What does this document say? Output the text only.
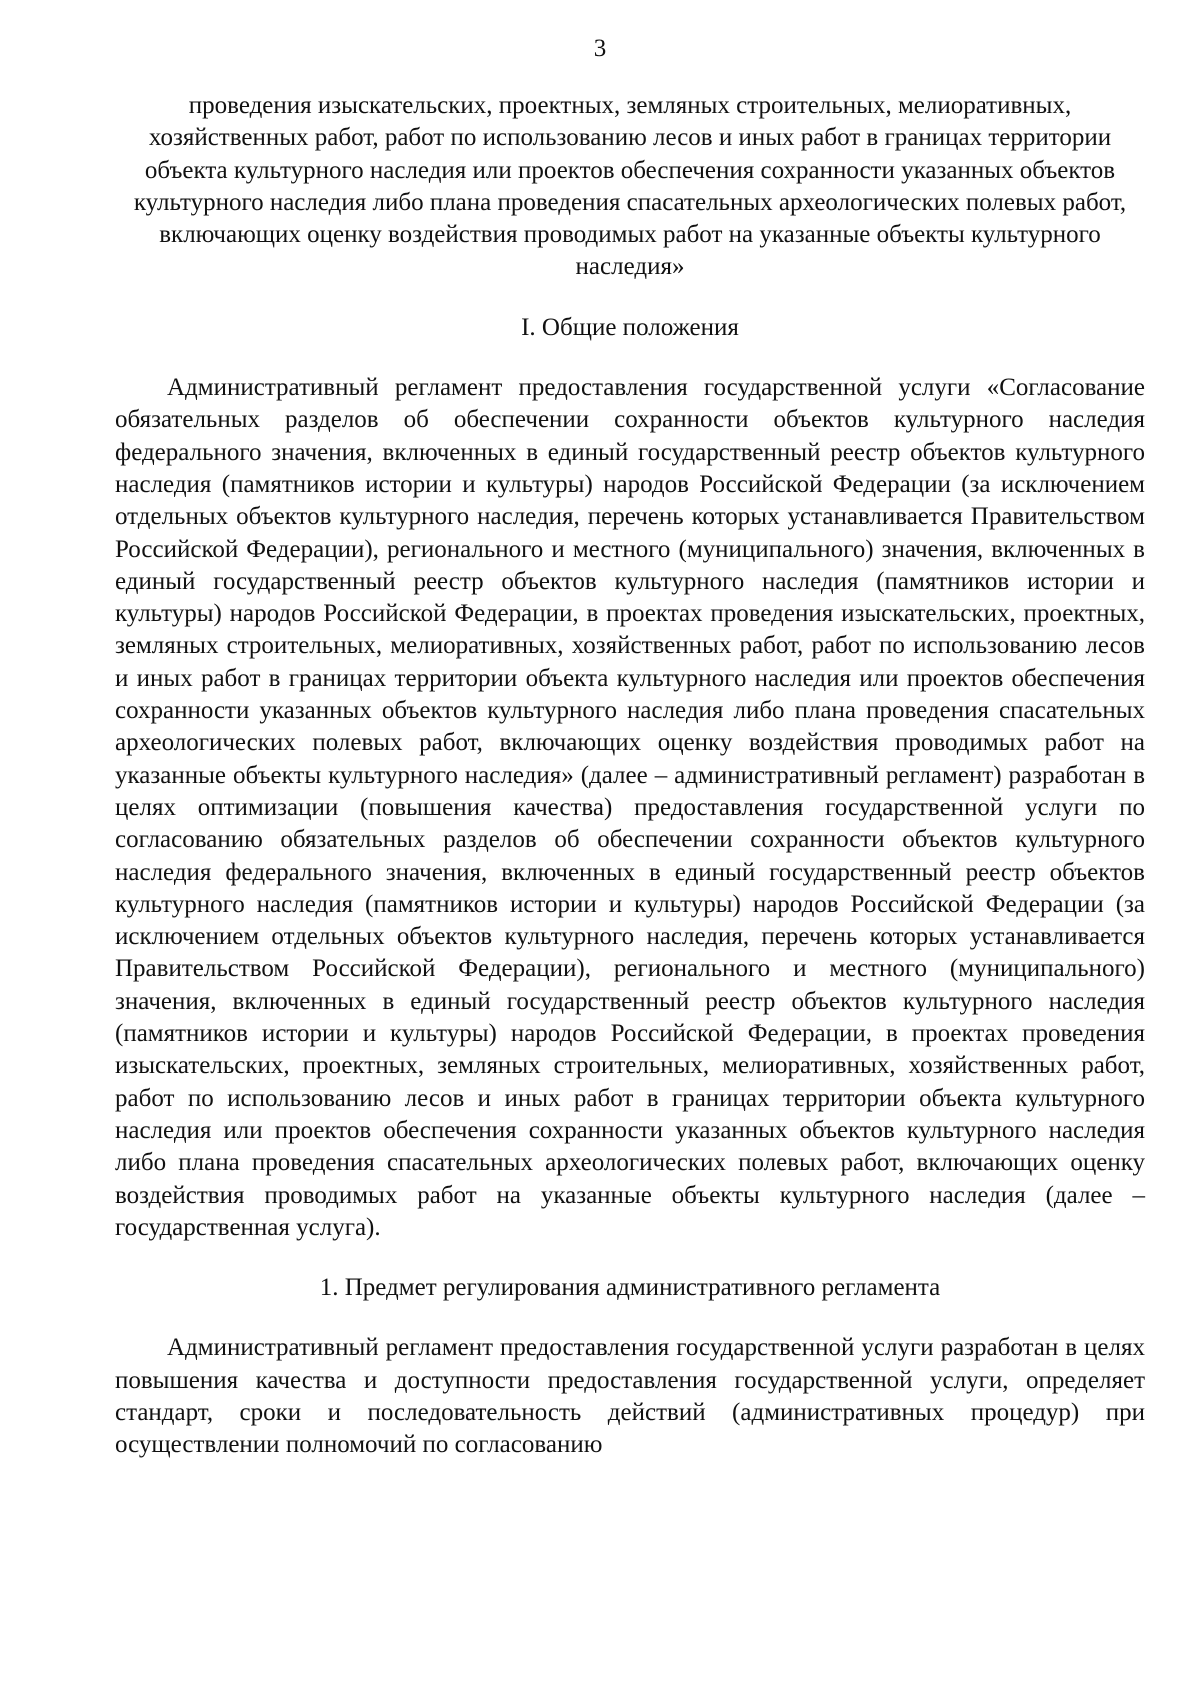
3

проведения изыскательских, проектных, земляных строительных, мелиоративных, хозяйственных работ, работ по использованию лесов и иных работ в границах территории объекта культурного наследия или проектов обеспечения сохранности указанных объектов культурного наследия либо плана проведения спасательных археологических полевых работ, включающих оценку воздействия проводимых работ на указанные объекты культурного наследия»

I. Общие положения

Административный регламент предоставления государственной услуги «Согласование обязательных разделов об обеспечении сохранности объектов культурного наследия федерального значения, включенных в единый государственный реестр объектов культурного наследия (памятников истории и культуры) народов Российской Федерации (за исключением отдельных объектов культурного наследия, перечень которых устанавливается Правительством Российской Федерации), регионального и местного (муниципального) значения, включенных в единый государственный реестр объектов культурного наследия (памятников истории и культуры) народов Российской Федерации, в проектах проведения изыскательских, проектных, земляных строительных, мелиоративных, хозяйственных работ, работ по использованию лесов и иных работ в границах территории объекта культурного наследия или проектов обеспечения сохранности указанных объектов культурного наследия либо плана проведения спасательных археологических полевых работ, включающих оценку воздействия проводимых работ на указанные объекты культурного наследия» (далее – административный регламент) разработан в целях оптимизации (повышения качества) предоставления государственной услуги по согласованию обязательных разделов об обеспечении сохранности объектов культурного наследия федерального значения, включенных в единый государственный реестр объектов культурного наследия (памятников истории и культуры) народов Российской Федерации (за исключением отдельных объектов культурного наследия, перечень которых устанавливается Правительством Российской Федерации), регионального и местного (муниципального) значения, включенных в единый государственный реестр объектов культурного наследия (памятников истории и культуры) народов Российской Федерации, в проектах проведения изыскательских, проектных, земляных строительных, мелиоративных, хозяйственных работ, работ по использованию лесов и иных работ в границах территории объекта культурного наследия или проектов обеспечения сохранности указанных объектов культурного наследия либо плана проведения спасательных археологических полевых работ, включающих оценку воздействия проводимых работ на указанные объекты культурного наследия (далее – государственная услуга).

1. Предмет регулирования административного регламента

Административный регламент предоставления государственной услуги разработан в целях повышения качества и доступности предоставления государственной услуги, определяет стандарт, сроки и последовательность действий (административных процедур) при осуществлении полномочий по согласованию
